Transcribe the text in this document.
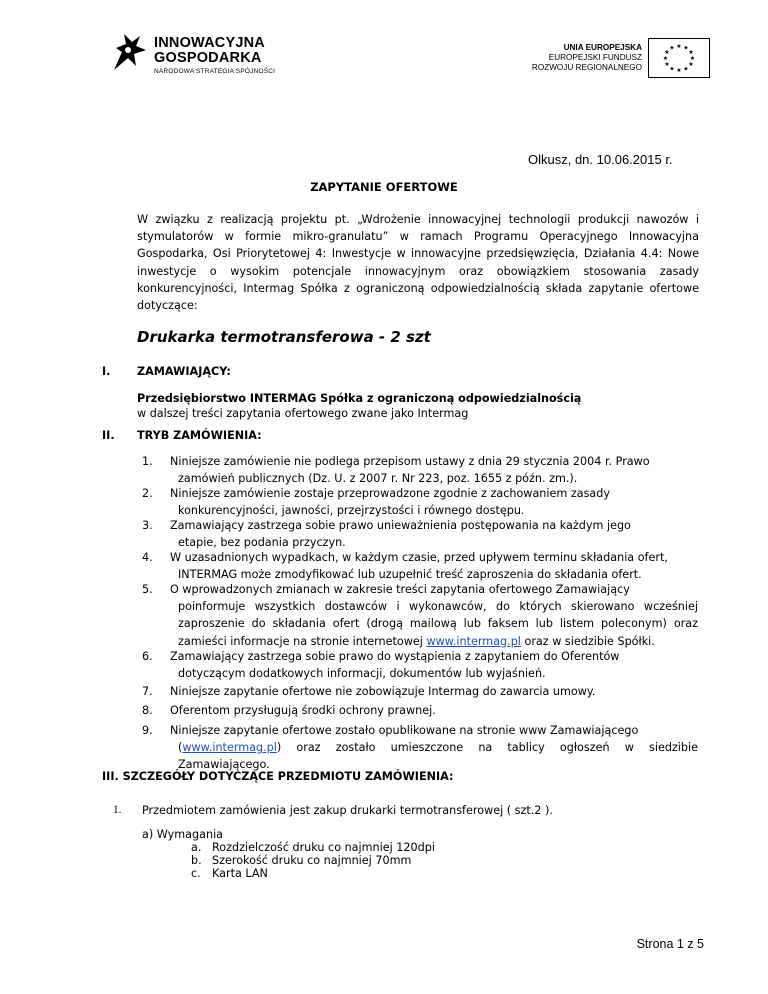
INNOWACYJNA
GOSPODARKA
NARODOWA STRATEGIA SPÓJNOŚCI
UNIA EUROPEJSKA
EUROPEJSKI FUNDUSZ
ROZWOJU REGIONALNEGO
★ ★
★
★
★
★
★
★
★
★
★
★
Olkusz, dn. 10.06.2015 r.
ZAPYTANIE OFERTOWE
W związku z realizacją projektu pt. „Wdrożenie innowacyjnej technologii produkcji nawozów i stymulatorów w formie mikro-granulatu” w ramach Programu Operacyjnego Innowacyjna Gospodarka, Osi Priorytetowej 4: Inwestycje w innowacyjne przedsięwzięcia, Działania 4.4: Nowe inwestycje o wysokim potencjale innowacyjnym oraz obowiązkiem stosowania zasady konkurencyjności, Intermag Spółka z ograniczoną odpowiedzialnością składa zapytanie ofertowe dotyczące:
Drukarka termotransferowa - 2 szt
I. ZAMAWIAJĄCY:
Przedsiębiorstwo INTERMAG Spółka z ograniczoną odpowiedzialnością
w dalszej treści zapytania ofertowego zwane jako Intermag
II. TRYB ZAMÓWIENIA:
1. Niniejsze zamówienie nie podlega przepisom ustawy z dnia 29 stycznia 2004 r. Prawo
zamówień publicznych (Dz. U. z 2007 r. Nr 223, poz. 1655 z późn. zm.).
2. Niniejsze zamówienie zostaje przeprowadzone zgodnie z zachowaniem zasady
konkurencyjności, jawności, przejrzystości i równego dostępu.
3. Zamawiający zastrzega sobie prawo unieważnienia postępowania na każdym jego
etapie, bez podania przyczyn.
4. W uzasadnionych wypadkach, w każdym czasie, przed upływem terminu składania ofert,
INTERMAG może zmodyfikować lub uzupełnić treść zaproszenia do składania ofert.
5. O wprowadzonych zmianach w zakresie treści zapytania ofertowego Zamawiający
poinformuje wszystkich dostawców i wykonawców, do których skierowano wcześniej zaproszenie do składania ofert (drogą mailową lub faksem lub listem poleconym) oraz zamieści informacje na stronie internetowej www.intermag.pl oraz w siedzibie Spółki.
6. Zamawiający zastrzega sobie prawo do wystąpienia z zapytaniem do Oferentów
dotyczącym dodatkowych informacji, dokumentów lub wyjaśnień.
7. Niniejsze zapytanie ofertowe nie zobowiązuje Intermag do zawarcia umowy.
8. Oferentom przysługują środki ochrony prawnej.
9. Niniejsze zapytanie ofertowe zostało opublikowane na stronie www Zamawiającego
(www.intermag.pl) oraz zostało umieszczone na tablicy ogłoszeń w siedzibie Zamawiającego.
III. SZCZEGÓŁY DOTYCZĄCE PRZEDMIOTU ZAMÓWIENIA:
1. Przedmiotem zamówienia jest zakup drukarki termotransferowej ( szt.2 ).
a) Wymagania
a. Rozdzielczość druku co najmniej 120dpi
b. Szerokość druku co najmniej 70mm
c. Karta LAN
Strona 1 z 5
